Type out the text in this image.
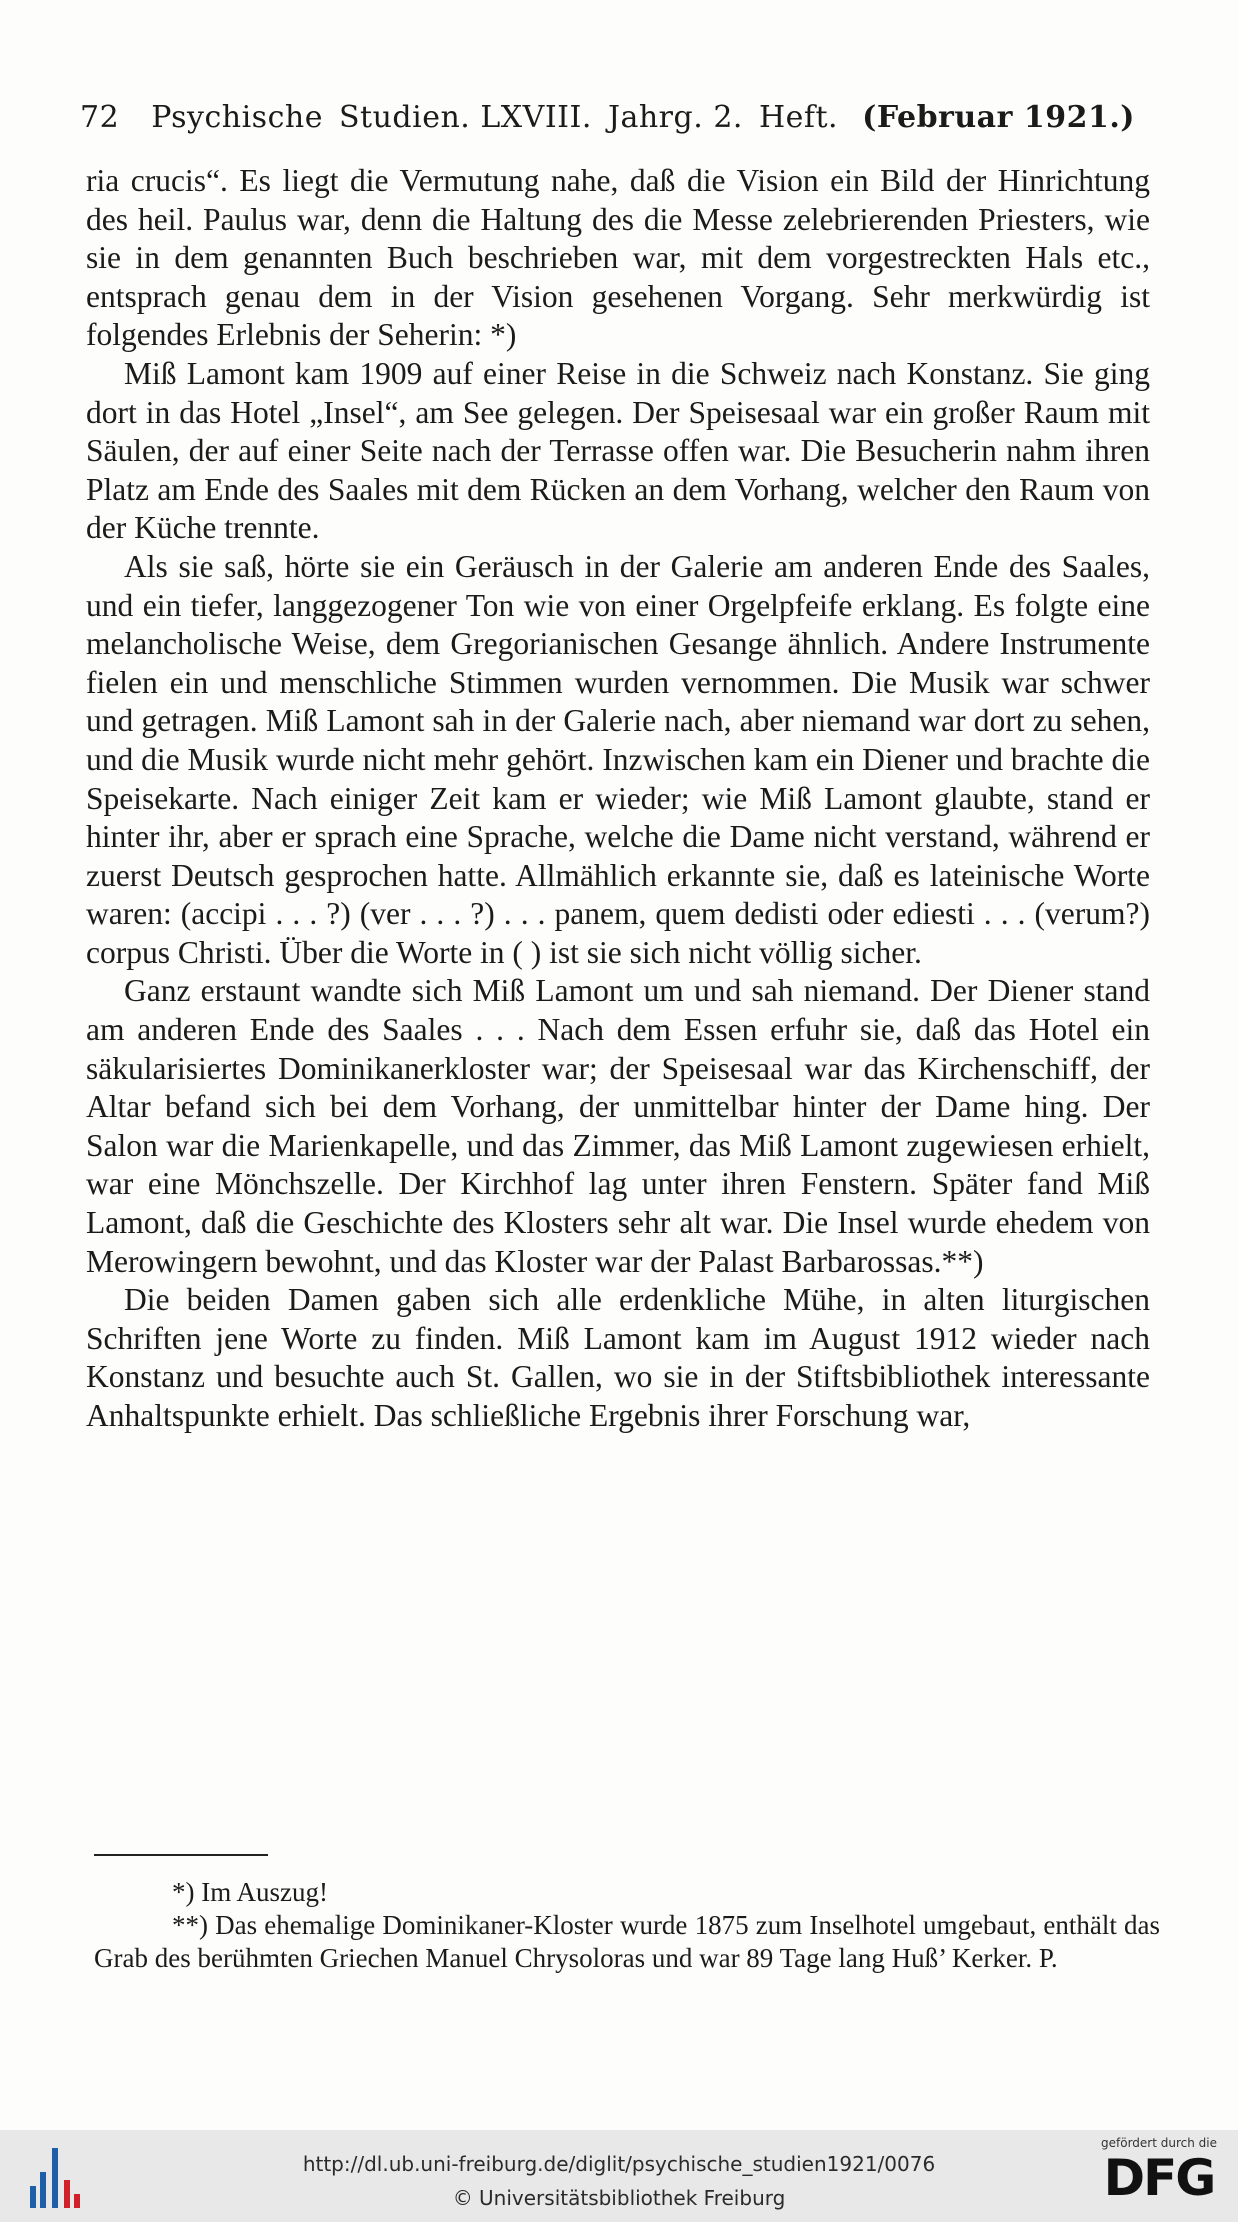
72 Psychische Studien. LXVIII. Jahrg. 2. Heft. (Februar 1921.)

ria crucis“. Es liegt die Vermutung nahe, daß die Vision ein Bild der Hinrichtung des heil. Paulus war, denn die Haltung des die Messe zelebrierenden Priesters, wie sie in dem genannten Buch beschrieben war, mit dem vorgestreckten Hals etc., entsprach genau dem in der Vision gesehenen Vorgang. Sehr merkwürdig ist folgendes Erlebnis der Seherin: *)

Miß Lamont kam 1909 auf einer Reise in die Schweiz nach Konstanz. Sie ging dort in das Hotel „Insel“, am See gelegen. Der Speisesaal war ein großer Raum mit Säulen, der auf einer Seite nach der Terrasse offen war. Die Besucherin nahm ihren Platz am Ende des Saales mit dem Rücken an dem Vorhang, welcher den Raum von der Küche trennte.

Als sie saß, hörte sie ein Geräusch in der Galerie am anderen Ende des Saales, und ein tiefer, langgezogener Ton wie von einer Orgelpfeife erklang. Es folgte eine melancholische Weise, dem Gregorianischen Gesange ähnlich. Andere Instrumente fielen ein und menschliche Stimmen wurden vernommen. Die Musik war schwer und getragen. Miß Lamont sah in der Galerie nach, aber niemand war dort zu sehen, und die Musik wurde nicht mehr gehört. Inzwischen kam ein Diener und brachte die Speisekarte. Nach einiger Zeit kam er wieder; wie Miß Lamont glaubte, stand er hinter ihr, aber er sprach eine Sprache, welche die Dame nicht verstand, während er zuerst Deutsch gesprochen hatte. Allmählich erkannte sie, daß es lateinische Worte waren: (accipi . . . ?) (ver . . . ?) . . . panem, quem dedisti oder ediesti . . . (verum?) corpus Christi. Über die Worte in ( ) ist sie sich nicht völlig sicher.

Ganz erstaunt wandte sich Miß Lamont um und sah niemand. Der Diener stand am anderen Ende des Saales . . . Nach dem Essen erfuhr sie, daß das Hotel ein säkularisiertes Dominikanerkloster war; der Speisesaal war das Kirchenschiff, der Altar befand sich bei dem Vorhang, der unmittelbar hinter der Dame hing. Der Salon war die Marienkapelle, und das Zimmer, das Miß Lamont zugewiesen erhielt, war eine Mönchszelle. Der Kirchhof lag unter ihren Fenstern. Später fand Miß Lamont, daß die Geschichte des Klosters sehr alt war. Die Insel wurde ehedem von Merowingern bewohnt, und das Kloster war der Palast Barbarossas.**)

Die beiden Damen gaben sich alle erdenkliche Mühe, in alten liturgischen Schriften jene Worte zu finden. Miß Lamont kam im August 1912 wieder nach Konstanz und besuchte auch St. Gallen, wo sie in der Stiftsbibliothek interessante Anhaltspunkte erhielt. Das schließliche Ergebnis ihrer Forschung war,

*) Im Auszug!

**) Das ehemalige Dominikaner-Kloster wurde 1875 zum Inselhotel umgebaut, enthält das Grab des berühmten Griechen Manuel Chrysoloras und war 89 Tage lang Huß’ Kerker. P.

http://dl.ub.uni-freiburg.de/diglit/psychische_studien1921/0076
© Universitätsbibliothek Freiburg
gefördert durch die
DFG
